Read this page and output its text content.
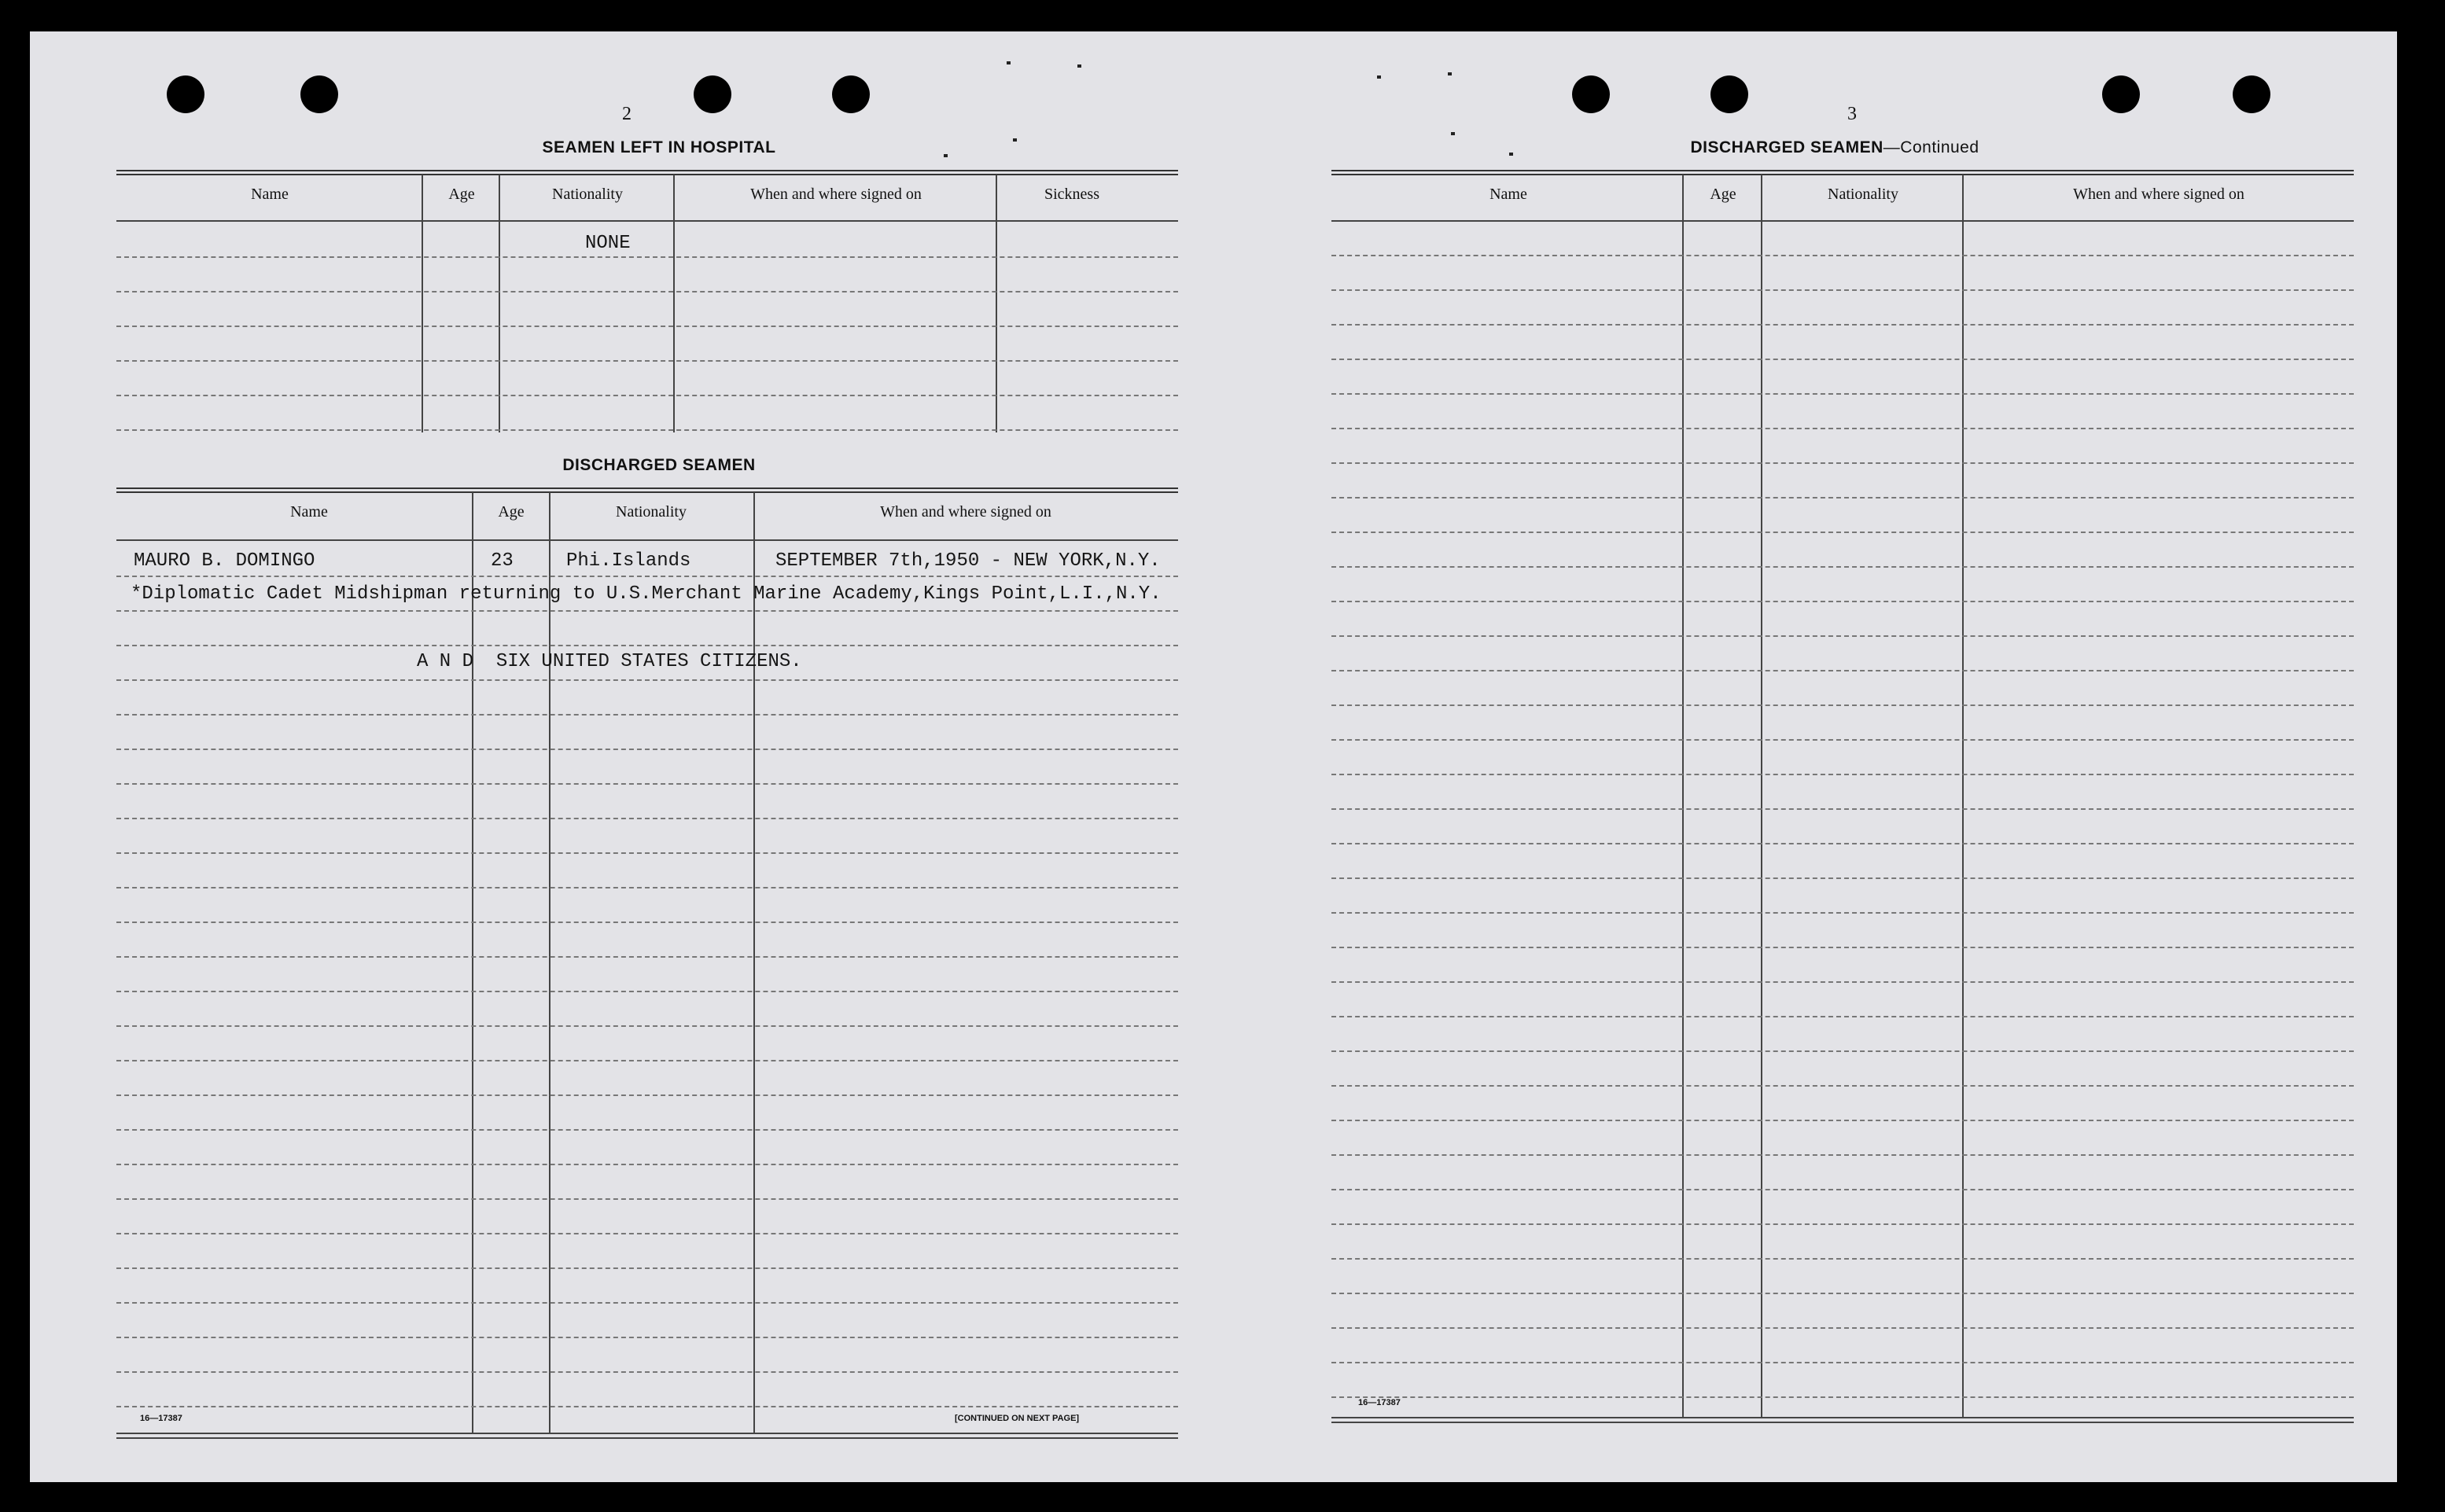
2
SEAMEN LEFT IN HOSPITAL
Name	Age	Nationality	When and where signed on	Sickness
NONE
DISCHARGED SEAMEN
Name	Age	Nationality	When and where signed on
MAURO B. DOMINGO	23	Phi.Islands	SEPTEMBER 7th,1950 - NEW YORK,N.Y.
*Diplomatic Cadet Midshipman returning to U.S.Merchant Marine Academy,Kings Point,L.I.,N.Y.
A N D  SIX UNITED STATES CITIZENS.
16—17387	[CONTINUED ON NEXT PAGE]
3
DISCHARGED SEAMEN—Continued
Name	Age	Nationality	When and where signed on
16—17387
